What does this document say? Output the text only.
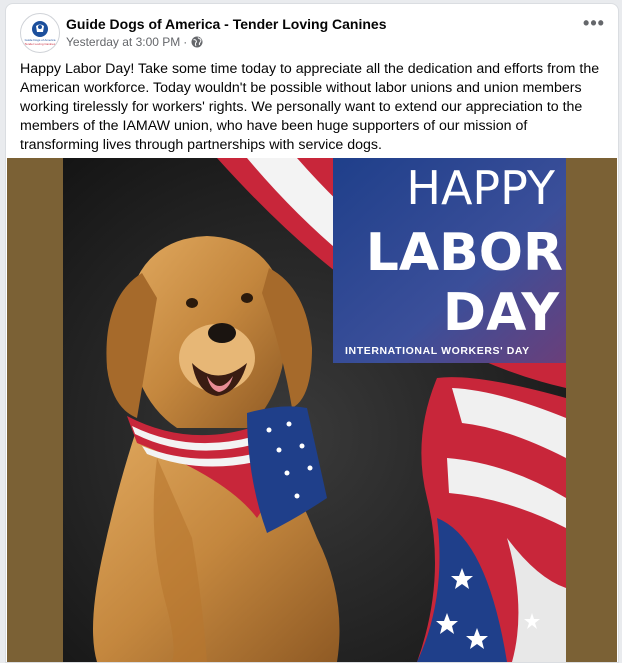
Guide Dogs of America
Tender Loving Canines
Guide Dogs of America - Tender Loving Canines
Yesterday at 3:00 PM ·
•••
Happy Labor Day! Take some time today to appreciate all the dedication and efforts from the American workforce. Today wouldn't be possible without labor unions and union members working tirelessly for workers' rights. We personally want to extend our appreciation to the members of the IAMAW union, who have been huge supporters of our mission of transforming lives through partnerships with service dogs.
HAPPY
LABOR
DAY
INTERNATIONAL WORKERS' DAY
